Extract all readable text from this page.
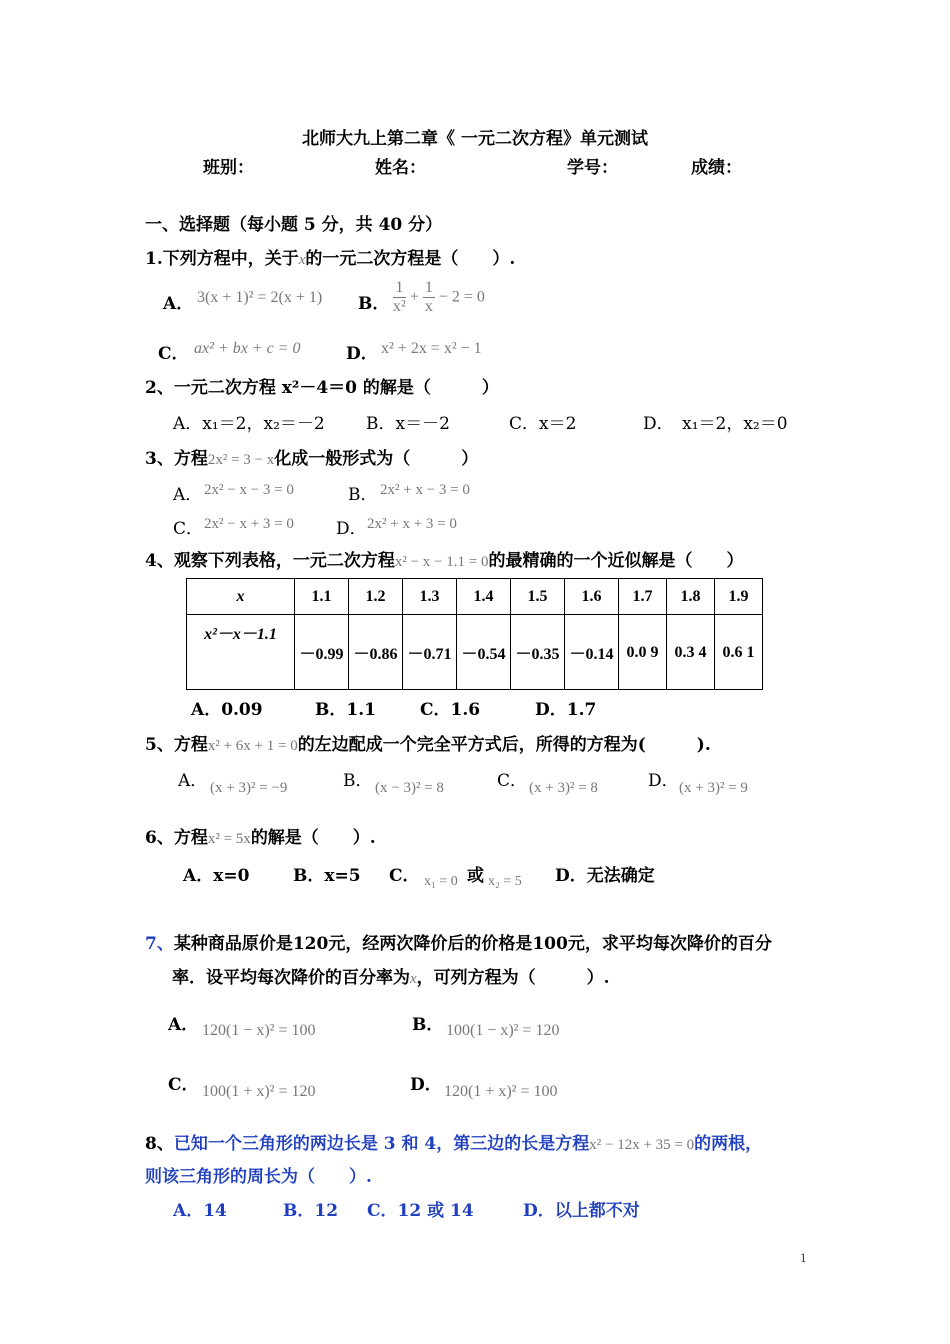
北师大九上第二章《 一元二次方程》单元测试
班别：	姓名：	学号：	成绩：
一、选择题（每小题 5 分，共 40 分）
1.下列方程中，关于x的一元二次方程是（　　）.
A． 3(x + 1)² = 2(x + 1) B． $\frac{1}{\text{x²}} + \frac{1}{x} - 2 = 0$
C． ax² + bx + c = 0	D． x² + 2x = x² − 1
2、一元二次方程 x²－4＝0 的解是（　　　）
A．x₁＝2，x₂＝－2 B．x＝－2	C．x＝2	D．　x₁＝2，x₂＝0
3、方程2x² = 3 − x化成一般形式为（　　　）
A． 2x² − x − 3 = 0	B． 2x² + x − 3 = 0
C． 2x² − x + 3 = 0 D． 2x² + x + 3 = 0
4、观察下列表格，一元二次方程x² − x − 1.1 = 0的最精确的一个近似解是（　　）
x	1.1	1.2	1.3	1.4	1.5	1.6	1.7	1.8	1.9
x²－x－1.1	－0.99	－0.86	－0.71	－0.54	－0.35	－0.14	0.0 9	0.3 4	0.6 1
A．0.09	B．1.1	C．1.6	D．1.7
5、方程x² + 6x + 1 = 0的左边配成一个完全平方式后，所得的方程为(　　　).
A． (x + 3)² = −9	B． (x − 3)² = 8	C． (x + 3)² = 8	D． (x + 3)² = 9
6、方程x² = 5x的解是（　　）.
A．x=0	B．x=5 C． x₁ = 0 或 x₂ = 5 D．无法确定
7、某种商品原价是120元，经两次降价后的价格是100元，求平均每次降价的百分
率．设平均每次降价的百分率为x，可列方程为（　　　）.
A． 120(1 − x)² = 100	B． 100(1 − x)² = 120
C． 100(1 + x)² = 120	D． 120(1 + x)² = 100
8、已知一个三角形的两边长是 3 和 4，第三边的长是方程x² − 12x + 35 = 0的两根，
则该三角形的周长为（　　）.
A．14	B．12 C．12 或 14	D．以上都不对
1
